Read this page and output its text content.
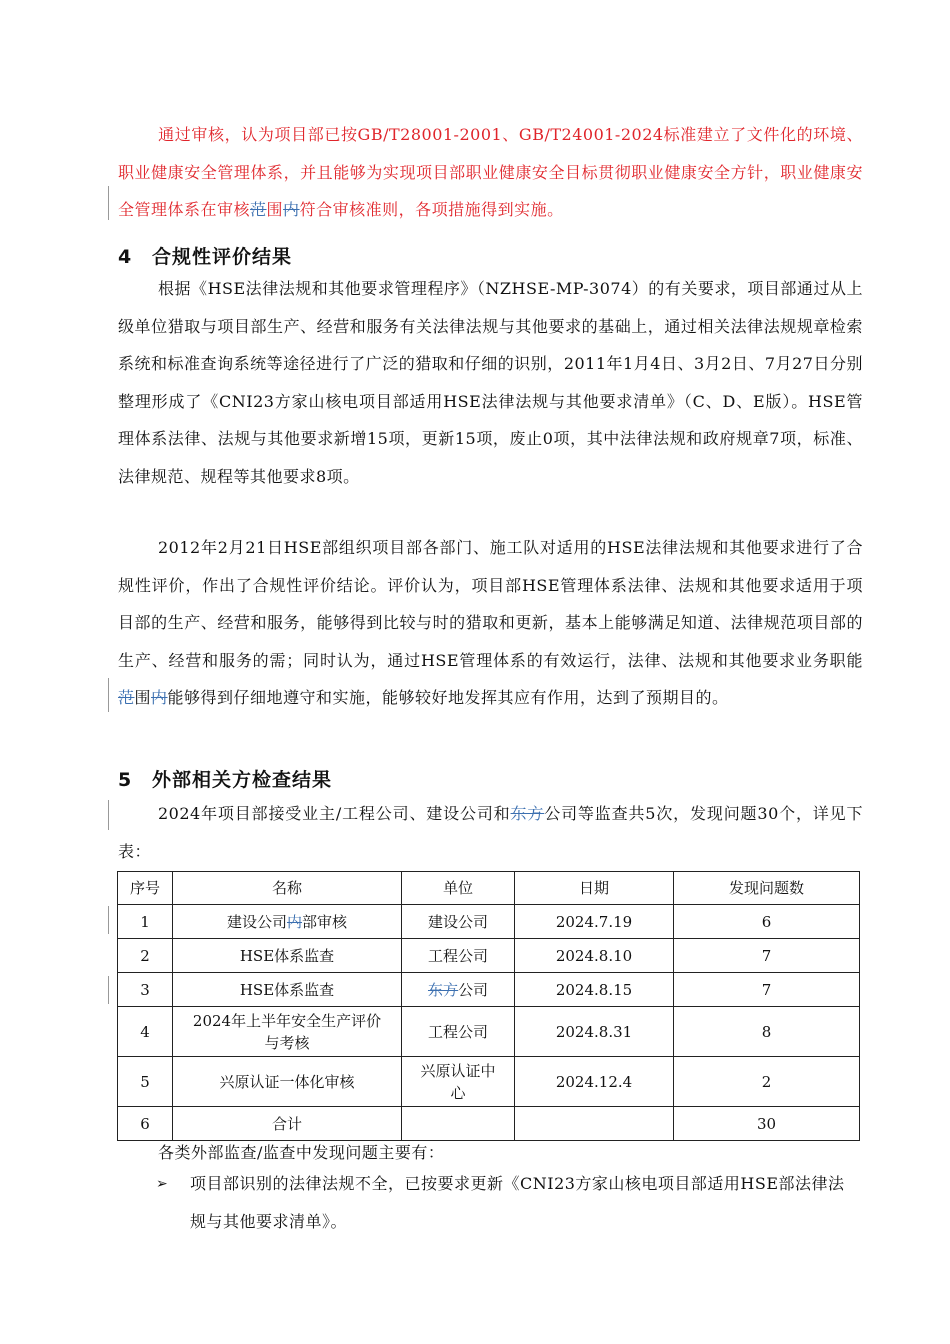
通过审核，认为项目部已按GB/T28001-2001、GB/T24001-2024标准建立了文件化的环境、职业健康安全管理体系，并且能够为实现项目部职业健康安全目标贯彻职业健康安全方针，职业健康安全管理体系在审核范围内符合审核准则，各项措施得到实施。
4 合规性评价结果
根据《HSE法律法规和其他要求管理程序》（NZHSE-MP-3074）的有关要求，项目部通过从上级单位猎取与项目部生产、经营和服务有关法律法规与其他要求的基础上，通过相关法律法规规章检索系统和标准查询系统等途径进行了广泛的猎取和仔细的识别，2011年1月4日、3月2日、7月27日分别整理形成了《CNI23方家山核电项目部适用HSE法律法规与其他要求清单》（C、D、E版）。HSE管理体系法律、法规与其他要求新增15项，更新15项，废止0项，其中法律法规和政府规章7项，标准、法律规范、规程等其他要求8项。
2012年2月21日HSE部组织项目部各部门、施工队对适用的HSE法律法规和其他要求进行了合规性评价，作出了合规性评价结论。评价认为，项目部HSE管理体系法律、法规和其他要求适用于项目部的生产、经营和服务，能够得到比较与时的猎取和更新，基本上能够满足知道、法律规范项目部的生产、经营和服务的需；同时认为，通过HSE管理体系的有效运行，法律、法规和其他要求业务职能范围内能够得到仔细地遵守和实施，能够较好地发挥其应有作用，达到了预期目的。
5 外部相关方检查结果
2024年项目部接受业主/工程公司、建设公司和东方公司等监查共5次，发现问题30个，详见下表：
序号	名称	单位	日期	发现问题数
1	建设公司内部审核	建设公司	2024.7.19	6
2	HSE体系监查	工程公司	2024.8.10	7
3	HSE体系监查	东方公司	2024.8.15	7
4	2024年上半年安全生产评价与考核	工程公司	2024.8.31	8
5	兴原认证一体化审核	兴原认证中心	2024.12.4	2
6	合计			30
各类外部监查/监查中发现问题主要有：
➢ 项目部识别的法律法规不全，已按要求更新《CNI23方家山核电项目部适用HSE部法律法规与其他要求清单》。
